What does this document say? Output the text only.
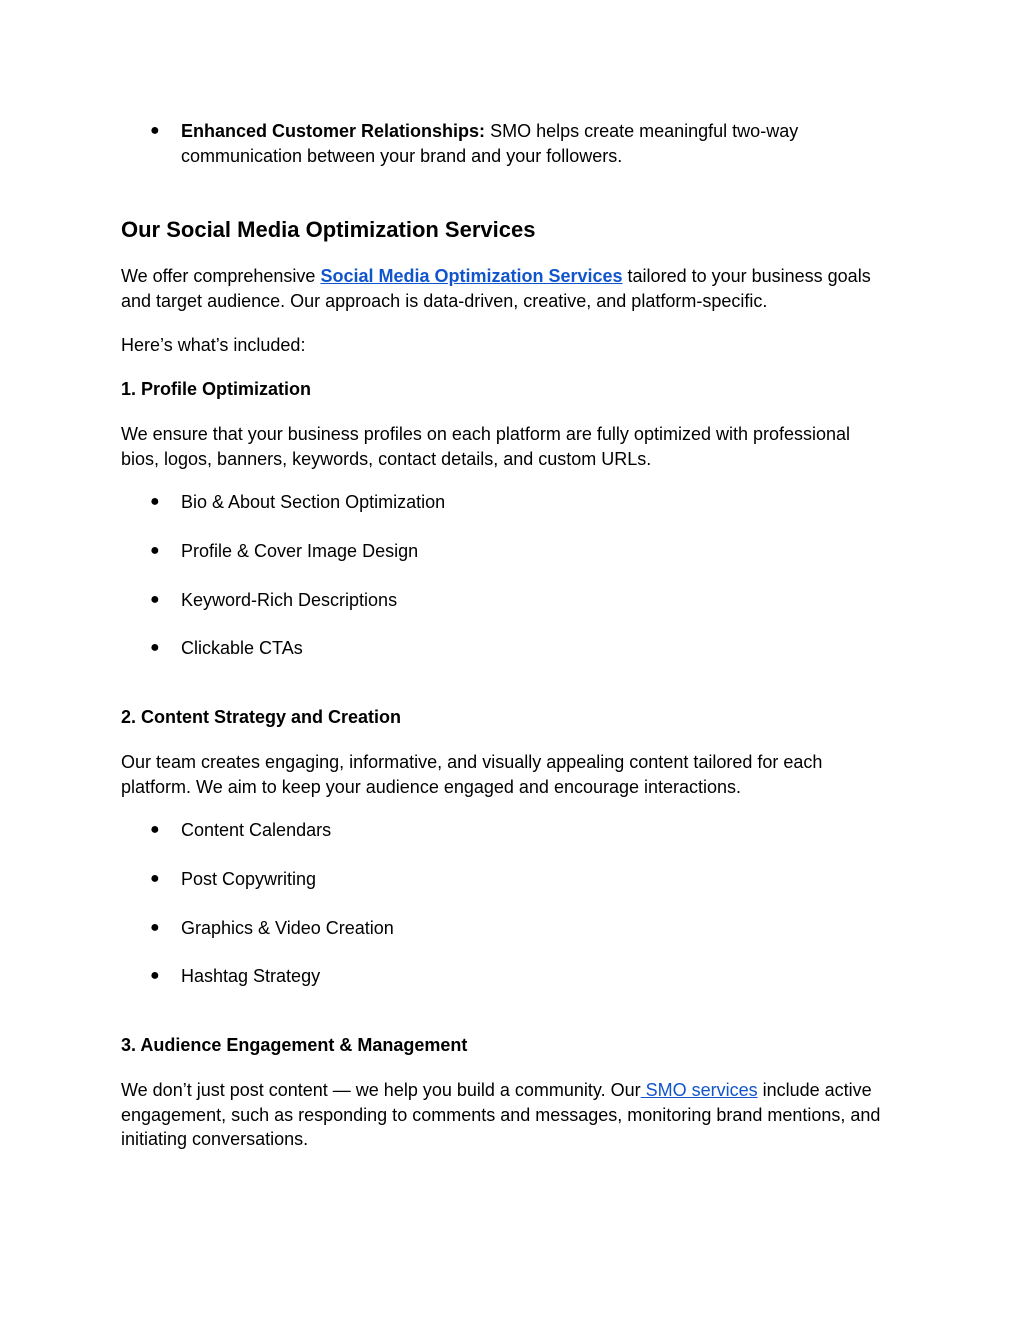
● Enhanced Customer Relationships: SMO helps create meaningful two-way
communication between your brand and your followers.

Our Social Media Optimization Services

We offer comprehensive Social Media Optimization Services tailored to your business goals
and target audience. Our approach is data-driven, creative, and platform-specific.

Here’s what’s included:

1. Profile Optimization

We ensure that your business profiles on each platform are fully optimized with professional
bios, logos, banners, keywords, contact details, and custom URLs.

● Bio & About Section Optimization

● Profile & Cover Image Design

● Keyword-Rich Descriptions

● Clickable CTAs

2. Content Strategy and Creation

Our team creates engaging, informative, and visually appealing content tailored for each
platform. We aim to keep your audience engaged and encourage interactions.

● Content Calendars

● Post Copywriting

● Graphics & Video Creation

● Hashtag Strategy

3. Audience Engagement & Management

We don’t just post content — we help you build a community. Our SMO services include active
engagement, such as responding to comments and messages, monitoring brand mentions, and
initiating conversations.
